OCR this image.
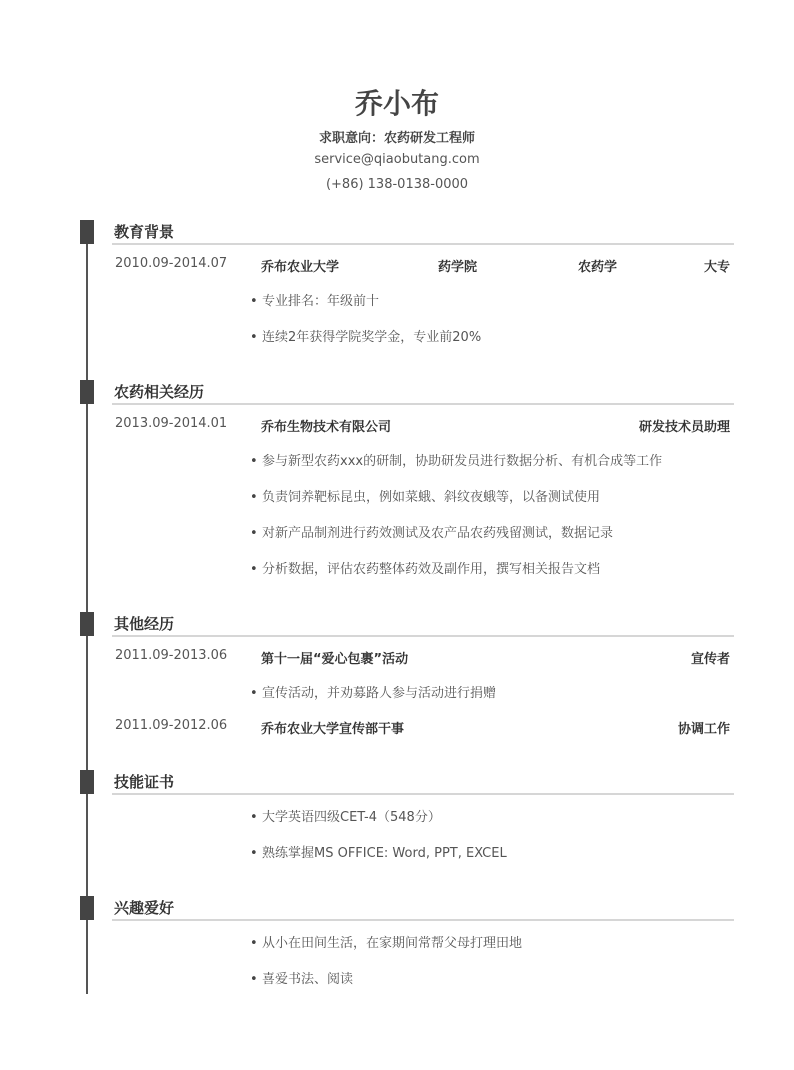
乔小布
求职意向：农药研发工程师
service@qiaobutang.com
(+86) 138-0138-0000
教育背景
2010.09-2014.07	乔布农业大学	药学院	农药学	大专
• 专业排名：年级前十
• 连续2年获得学院奖学金，专业前20%
农药相关经历
2013.09-2014.01	乔布生物技术有限公司	研发技术员助理
• 参与新型农药xxx的研制，协助研发员进行数据分析、有机合成等工作
• 负责饲养靶标昆虫，例如菜蛾、斜纹夜蛾等，以备测试使用
• 对新产品制剂进行药效测试及农产品农药残留测试，数据记录
• 分析数据，评估农药整体药效及副作用，撰写相关报告文档
其他经历
2011.09-2013.06	第十一届“爱心包裹”活动	宣传者
• 宣传活动，并劝募路人参与活动进行捐赠
2011.09-2012.06	乔布农业大学宣传部干事	协调工作
技能证书
• 大学英语四级CET-4（548分）
• 熟练掌握MS OFFICE: Word, PPT, EXCEL
兴趣爱好
• 从小在田间生活，在家期间常帮父母打理田地
• 喜爱书法、阅读
